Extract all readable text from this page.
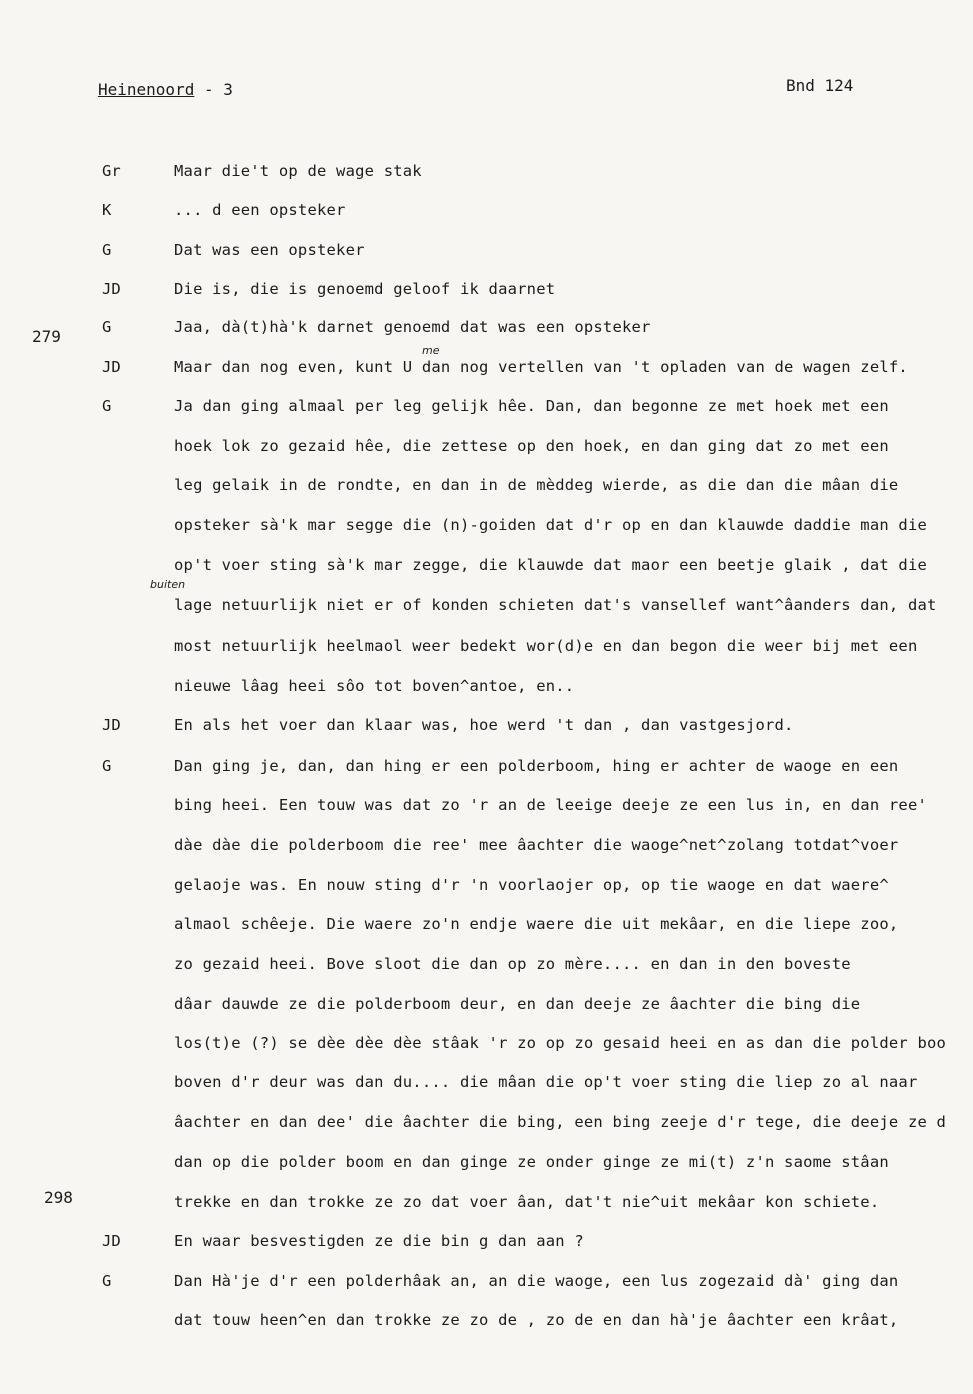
Heinenoord - 3	Bnd 124
279
298
me
buiten
Gr	Maar die't op de wage stak
K	... d een opsteker
G	Dat was een opsteker
JD	Die is, die is genoemd geloof ik daarnet
G	Jaa, dà(t)hà'k darnet genoemd dat was een opsteker
JD	Maar dan nog even, kunt U dan nog vertellen van 't opladen van de wagen zelf.
G	Ja dan ging almaal per leg gelijk hêe. Dan, dan begonne ze met hoek met een
hoek lok zo gezaid hêe, die zettese op den hoek, en dan ging dat zo met een
leg gelaik in de rondte, en dan in de mèddeg wierde, as die dan die mâan die
opsteker sà'k mar segge die (n)-goiden dat d'r op en dan klauwde daddie man die
op't voer sting sà'k mar zegge, die klauwde dat maor een beetje glaik , dat die
lage netuurlijk niet er of konden schieten dat's vansellef want^âanders dan, dat
most netuurlijk heelmaol weer bedekt wor(d)e en dan begon die weer bij met een
nieuwe lâag heei sôo tot boven^antoe, en..
JD	En als het voer dan klaar was, hoe werd 't dan , dan vastgesjord.
G	Dan ging je, dan, dan hing er een polderboom, hing er achter de waoge en een
bing heei. Een touw was dat zo 'r an de leeige deeje ze een lus in, en dan ree'
dàe dàe die polderboom die ree' mee âachter die waoge^net^zolang totdat^voer
gelaoje was. En nouw sting d'r 'n voorlaojer op, op tie waoge en dat waere^
almaol schêeje. Die waere zo'n endje waere die uit mekâar, en die liepe zoo,
zo gezaid heei. Bove sloot die dan op zo mère.... en dan in den boveste
dâar dauwde ze die polderboom deur, en dan deeje ze âachter die bing die
los(t)e (?) se dèe dèe dèe stâak 'r zo op zo gesaid heei en as dan die polder boo
boven d'r deur was dan du.... die mâan die op't voer sting die liep zo al naar
âachter en dan dee' die âachter die bing, een bing zeeje d'r tege, die deeje ze d
dan op die polder boom en dan ginge ze onder ginge ze mi(t) z'n saome stâan
trekke en dan trokke ze zo dat voer âan, dat't nie^uit mekâar kon schiete.
JD	En waar besvestigden ze die bin g dan aan ?
G	Dan Hà'je d'r een polderhâak an, an die waoge, een lus zogezaid dà' ging dan
dat touw heen^en dan trokke ze zo de , zo de en dan hà'je âachter een krâat,
